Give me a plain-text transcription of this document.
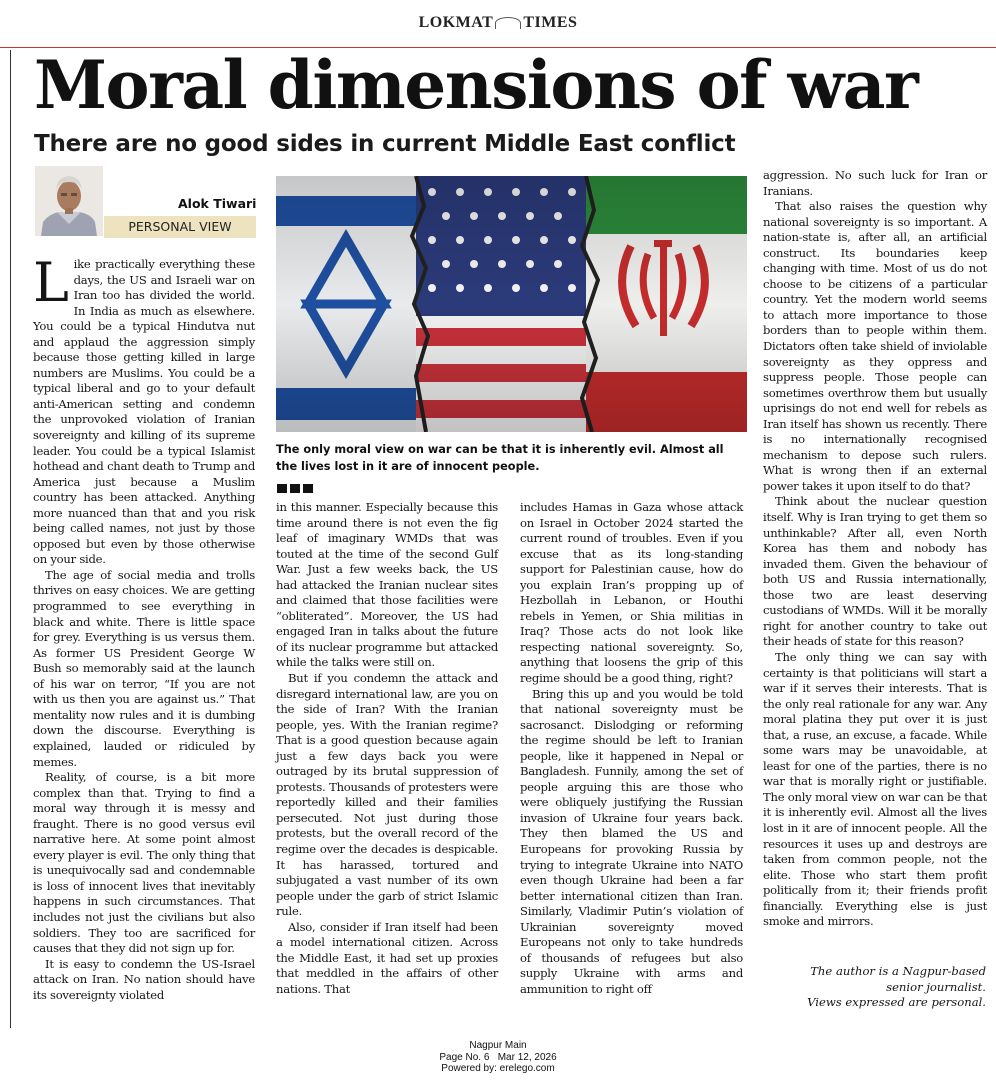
LOKMAT TIMES
Moral dimensions of war
There are no good sides in current Middle East conflict
Alok Tiwari
PERSONAL VIEW
The only moral view on war can be that it is inherently evil. Almost all the lives lost in it are of innocent people.

Like practically everything these days, the US and Israeli war on Iran too has divided the world. In India as much as elsewhere. You could be a typical Hindutva nut and applaud the aggression simply because those getting killed in large numbers are Muslims. You could be a typical liberal and go to your default anti-American setting and condemn the unprovoked violation of Iranian sovereignty and killing of its supreme leader. You could be a typical Islamist hothead and chant death to Trump and America just because a Muslim country has been attacked. Anything more nuanced than that and you risk being called names, not just by those opposed but even by those otherwise on your side.

The age of social media and trolls thrives on easy choices. We are getting programmed to see everything in black and white. There is little space for grey. Everything is us versus them. As former US President George W Bush so memorably said at the launch of his war on terror, “If you are not with us then you are against us.” That mentality now rules and it is dumbing down the discourse. Everything is explained, lauded or ridiculed by memes.

Reality, of course, is a bit more complex than that. Trying to find a moral way through it is messy and fraught. There is no good versus evil narrative here. At some point almost every player is evil. The only thing that is unequivocally sad and condemnable is loss of innocent lives that inevitably happens in such circumstances. That includes not just the civilians but also soldiers. They too are sacrificed for causes that they did not sign up for.

It is easy to condemn the US-Israel attack on Iran. No nation should have its sovereignty violated

in this manner. Especially because this time around there is not even the fig leaf of imaginary WMDs that was touted at the time of the second Gulf War. Just a few weeks back, the US had attacked the Iranian nuclear sites and claimed that those facilities were “obliterated”. Moreover, the US had engaged Iran in talks about the future of its nuclear programme but attacked while the talks were still on.

But if you condemn the attack and disregard international law, are you on the side of Iran? With the Iranian people, yes. With the Iranian regime? That is a good question because again just a few days back you were outraged by its brutal suppression of protests. Thousands of protesters were reportedly killed and their families persecuted. Not just during those protests, but the overall record of the regime over the decades is despicable. It has harassed, tortured and subjugated a vast number of its own people under the garb of strict Islamic rule.

Also, consider if Iran itself had been a model international citizen. Across the Middle East, it had set up proxies that meddled in the affairs of other nations. That

includes Hamas in Gaza whose attack on Israel in October 2024 started the current round of troubles. Even if you excuse that as its long-standing support for Palestinian cause, how do you explain Iran’s propping up of Hezbollah in Lebanon, or Houthi rebels in Yemen, or Shia militias in Iraq? Those acts do not look like respecting national sovereignty. So, anything that loosens the grip of this regime should be a good thing, right?

Bring this up and you would be told that national sovereignty must be sacrosanct. Dislodging or reforming the regime should be left to Iranian people, like it happened in Nepal or Bangladesh. Funnily, among the set of people arguing this are those who were obliquely justifying the Russian invasion of Ukraine four years back. They then blamed the US and Europeans for provoking Russia by trying to integrate Ukraine into NATO even though Ukraine had been a far better international citizen than Iran. Similarly, Vladimir Putin’s violation of Ukrainian sovereignty moved Europeans not only to take hundreds of thousands of refugees but also supply Ukraine with arms and ammunition to right off

aggression. No such luck for Iran or Iranians.

That also raises the question why national sovereignty is so important. A nation-state is, after all, an artificial construct. Its boundaries keep changing with time. Most of us do not choose to be citizens of a particular country. Yet the modern world seems to attach more importance to those borders than to people within them. Dictators often take shield of inviolable sovereignty as they oppress and suppress people. Those people can sometimes overthrow them but usually uprisings do not end well for rebels as Iran itself has shown us recently. There is no internationally recognised mechanism to depose such rulers. What is wrong then if an external power takes it upon itself to do that?

Think about the nuclear question itself. Why is Iran trying to get them so unthinkable? After all, even North Korea has them and nobody has invaded them. Given the behaviour of both US and Russia internationally, those two are least deserving custodians of WMDs. Will it be morally right for another country to take out their heads of state for this reason?

The only thing we can say with certainty is that politicians will start a war if it serves their interests. That is the only real rationale for any war. Any moral platina they put over it is just that, a ruse, an excuse, a facade. While some wars may be unavoidable, at least for one of the parties, there is no war that is morally right or justifiable. The only moral view on war can be that it is inherently evil. Almost all the lives lost in it are of innocent people. All the resources it uses up and destroys are taken from common people, not the elite. Those who start them profit politically from it; their friends profit financially. Everything else is just smoke and mirrors.

The author is a Nagpur-based
senior journalist.
Views expressed are personal.
Nagpur Main
Page No. 6   Mar 12, 2026
Powered by: erelego.com
